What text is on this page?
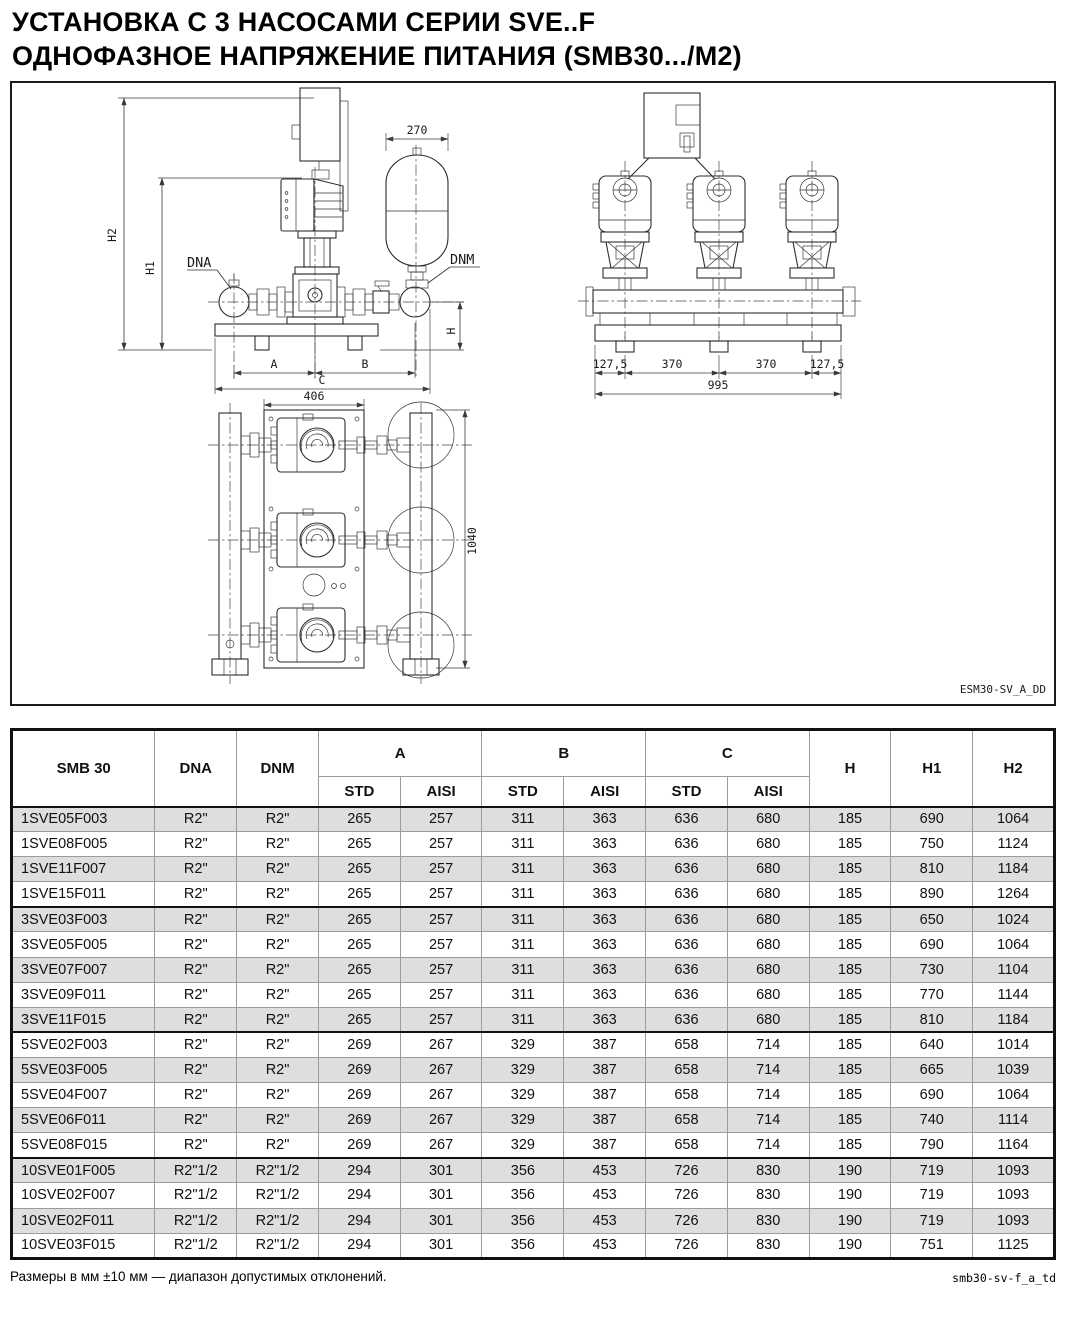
УСТАНОВКА С 3 НАСОСАМИ СЕРИИ SVE..F
ОДНОФАЗНОЕ НАПРЯЖЕНИЕ ПИТАНИЯ (SMB30.../M2)
H2
H1
270
DNA	DNM
H
A	B
C
406
1040
127,5	370	370	127,5
995
ESM30-SV_A_DD
SMB 30	DNA	DNM	A		B		C		H	H1	H2
			STD	AISI	STD	AISI	STD	AISI			
1SVE05F003	R2"	R2"	265	257	311	363	636	680	185	690	1064
1SVE08F005	R2"	R2"	265	257	311	363	636	680	185	750	1124
1SVE11F007	R2"	R2"	265	257	311	363	636	680	185	810	1184
1SVE15F011	R2"	R2"	265	257	311	363	636	680	185	890	1264
3SVE03F003	R2"	R2"	265	257	311	363	636	680	185	650	1024
3SVE05F005	R2"	R2"	265	257	311	363	636	680	185	690	1064
3SVE07F007	R2"	R2"	265	257	311	363	636	680	185	730	1104
3SVE09F011	R2"	R2"	265	257	311	363	636	680	185	770	1144
3SVE11F015	R2"	R2"	265	257	311	363	636	680	185	810	1184
5SVE02F003	R2"	R2"	269	267	329	387	658	714	185	640	1014
5SVE03F005	R2"	R2"	269	267	329	387	658	714	185	665	1039
5SVE04F007	R2"	R2"	269	267	329	387	658	714	185	690	1064
5SVE06F011	R2"	R2"	269	267	329	387	658	714	185	740	1114
5SVE08F015	R2"	R2"	269	267	329	387	658	714	185	790	1164
10SVE01F005	R2"1/2	R2"1/2	294	301	356	453	726	830	190	719	1093
10SVE02F007	R2"1/2	R2"1/2	294	301	356	453	726	830	190	719	1093
10SVE02F011	R2"1/2	R2"1/2	294	301	356	453	726	830	190	719	1093
10SVE03F015	R2"1/2	R2"1/2	294	301	356	453	726	830	190	751	1125
Размеры в мм ±10 мм — диапазон допустимых отклонений.	smb30-sv-f_a_td
